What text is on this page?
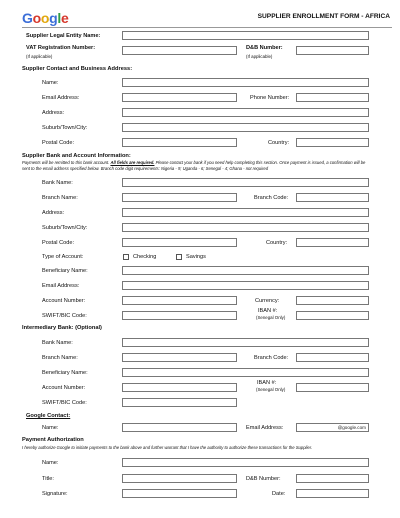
Google	SUPPLIER ENROLLMENT FORM - AFRICA
Supplier Legal Entity Name:
VAT Registration Number:
(If applicable)
D&B Number:
(If applicable)
Supplier Contact and Business Address:
Name:
Email Address:	Phone Number:
Address:
Suburb/Town/City:
Postal Code:	Country:
Supplier Bank and Account Information:
Payments will be remitted to this bank account. All fields are required. Please contact your bank if you need help completing this section. Once payment is issued, a confirmation will be sent to the email address specified below. Branch code digit requirements: Nigeria - 9; Uganda - 6; Senegal - 4; Ghana - not required
Bank Name:
Branch Name:	Branch Code:
Address:
Suburb/Town/City:
Postal Code:	Country:
Type of Account:	Checking	Savings
Beneficiary Name:
Email Address:
Account Number:	Currency:
SWIFT/BIC Code:
IBAN #:
(Senegal Only)
Intermediary Bank: (Optional)
Bank Name:
Branch Name:	Branch Code:
Beneficiary Name:
Account Number:
IBAN #:
(Senegal Only)
SWIFT/BIC Code:
Google Contact:
Name:	Email Address:	@google.com
Payment Authorization
I hereby authorize Google to initiate payments to the bank above and further warrant that I have the authority to authorize these transactions for the Supplier.
Name:
Title:	D&B Number:
Signature:	Date:
